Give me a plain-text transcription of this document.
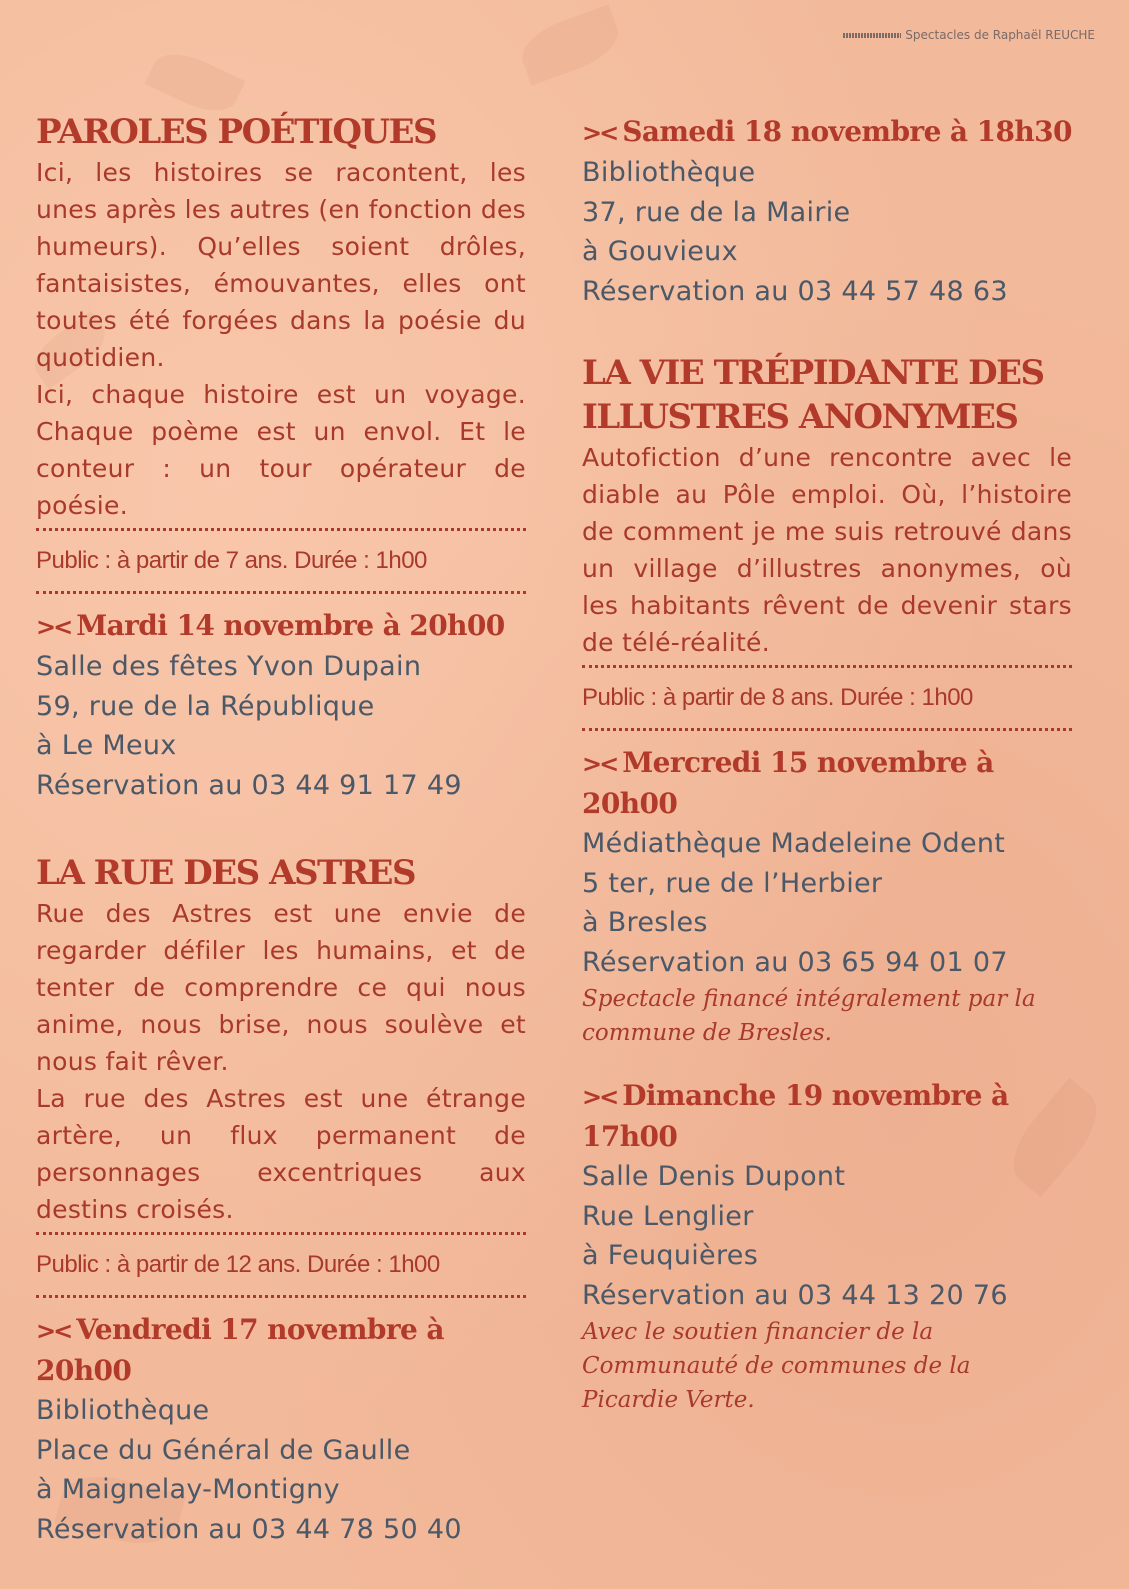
Spectacles de Raphaël REUCHE
PAROLES POÉTIQUES

Ici, les histoires se racontent, les unes après les autres (en fonction des humeurs). Qu’elles soient drôles, fantaisistes, émouvantes, elles ont toutes été forgées dans la poésie du quotidien.

Ici, chaque histoire est un voyage. Chaque poème est un envol. Et le conteur : un tour opérateur de poésie.

Public : à partir de 7 ans. Durée : 1h00
>< Mardi 14 novembre à 20h00
Salle des fêtes Yvon Dupain
59, rue de la République
à Le Meux
Réservation au 03 44 91 17 49
LA RUE DES ASTRES

Rue des Astres est une envie de regarder défiler les humains, et de tenter de comprendre ce qui nous anime, nous brise, nous soulève et nous fait rêver.

La rue des Astres est une étrange artère, un flux permanent de personnages excentriques aux destins croisés.

Public : à partir de 12 ans. Durée : 1h00
>< Vendredi 17 novembre à 20h00
Bibliothèque
Place du Général de Gaulle
à Maignelay-Montigny
Réservation au 03 44 78 50 40
>< Samedi 18 novembre à 18h30
Bibliothèque
37, rue de la Mairie
à Gouvieux
Réservation au 03 44 57 48 63
LA VIE TRÉPIDANTE DES
ILLUSTRES ANONYMES

Autofiction d’une rencontre avec le diable au Pôle emploi. Où, l’histoire de comment je me suis retrouvé dans un village d’illustres anonymes, où les habitants rêvent de devenir stars de télé-réalité.

Public : à partir de 8 ans. Durée : 1h00
>< Mercredi 15 novembre à 20h00
Médiathèque Madeleine Odent
5 ter, rue de l’Herbier
à Bresles
Réservation au 03 65 94 01 07
Spectacle financé intégralement par la commune de Bresles.
>< Dimanche 19 novembre à 17h00
Salle Denis Dupont
Rue Lenglier
à Feuquières
Réservation au 03 44 13 20 76
Avec le soutien financier de la Communauté de communes de la Picardie Verte.
